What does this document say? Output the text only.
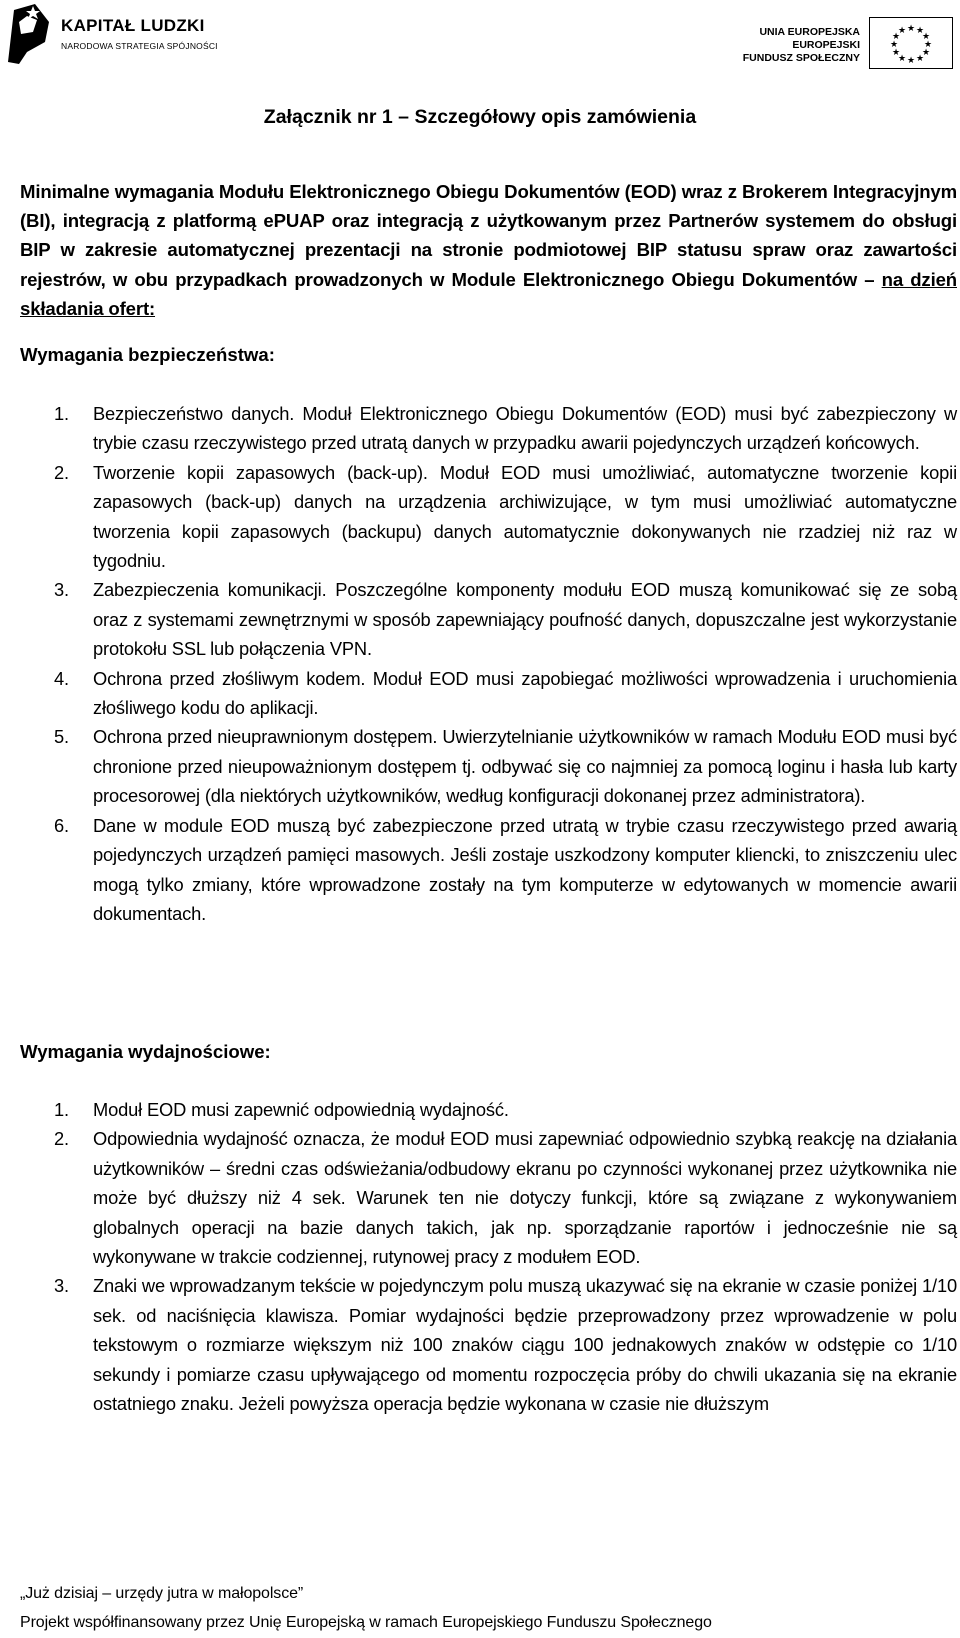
KAPITAŁ LUDZKI
NARODOWA STRATEGIA SPÓJNOŚCI
UNIA EUROPEJSKA
EUROPEJSKI
FUNDUSZ SPOŁECZNY
★ ★
★
★
★
★
★
★
★
★
★
★
Załącznik nr 1 – Szczegółowy opis zamówienia
Minimalne wymagania Modułu Elektronicznego Obiegu Dokumentów (EOD) wraz z Brokerem Integracyjnym (BI), integracją z platformą ePUAP oraz integracją z użytkowanym przez Partnerów systemem do obsługi BIP w zakresie automatycznej prezentacji na stronie podmiotowej BIP statusu spraw oraz zawartości rejestrów, w obu przypadkach prowadzonych w Module Elektronicznego Obiegu Dokumentów – na dzień składania ofert:
Wymagania bezpieczeństwa:
1. Bezpieczeństwo danych. Moduł Elektronicznego Obiegu Dokumentów (EOD) musi być zabezpieczony w trybie czasu rzeczywistego przed utratą danych w przypadku awarii pojedynczych urządzeń końcowych.
2. Tworzenie kopii zapasowych (back-up). Moduł EOD musi umożliwiać, automatyczne tworzenie kopii zapasowych (back-up) danych na urządzenia archiwizujące, w tym musi umożliwiać automatyczne tworzenia kopii zapasowych (backupu) danych automatycznie dokonywanych nie rzadziej niż raz w tygodniu.
3. Zabezpieczenia komunikacji. Poszczególne komponenty modułu EOD muszą komunikować się ze sobą oraz z systemami zewnętrznymi w sposób zapewniający poufność danych, dopuszczalne jest wykorzystanie protokołu SSL lub połączenia VPN.
4. Ochrona przed złośliwym kodem. Moduł EOD musi zapobiegać możliwości wprowadzenia i uruchomienia złośliwego kodu do aplikacji.
5. Ochrona przed nieuprawnionym dostępem. Uwierzytelnianie użytkowników w ramach Modułu EOD musi być chronione przed nieupoważnionym dostępem tj. odbywać się co najmniej za pomocą loginu i hasła lub karty procesorowej (dla niektórych użytkowników, według konfiguracji dokonanej przez administratora).
6. Dane w module EOD muszą być zabezpieczone przed utratą w trybie czasu rzeczywistego przed awarią pojedynczych urządzeń pamięci masowych. Jeśli zostaje uszkodzony komputer kliencki, to zniszczeniu ulec mogą tylko zmiany, które wprowadzone zostały na tym komputerze w edytowanych w momencie awarii dokumentach.
Wymagania wydajnościowe:
1. Moduł EOD musi zapewnić odpowiednią wydajność.
2. Odpowiednia wydajność oznacza, że moduł EOD musi zapewniać odpowiednio szybką reakcję na działania użytkowników – średni czas odświeżania/odbudowy ekranu po czynności wykonanej przez użytkownika nie może być dłuższy niż 4 sek. Warunek ten nie dotyczy funkcji, które są związane z wykonywaniem globalnych operacji na bazie danych takich, jak np. sporządzanie raportów i jednocześnie nie są wykonywane w trakcie codziennej, rutynowej pracy z modułem EOD.
3. Znaki we wprowadzanym tekście w pojedynczym polu muszą ukazywać się na ekranie w czasie poniżej 1/10 sek. od naciśnięcia klawisza. Pomiar wydajności będzie przeprowadzony przez wprowadzenie w polu tekstowym o rozmiarze większym niż 100 znaków ciągu 100 jednakowych znaków w odstępie co 1/10 sekundy i pomiarze czasu upływającego od momentu rozpoczęcia próby do chwili ukazania się na ekranie ostatniego znaku. Jeżeli powyższa operacja będzie wykonana w czasie nie dłuższym
„Już dzisiaj – urzędy jutra w małopolsce”
Projekt współfinansowany przez Unię Europejską w ramach Europejskiego Funduszu Społecznego
